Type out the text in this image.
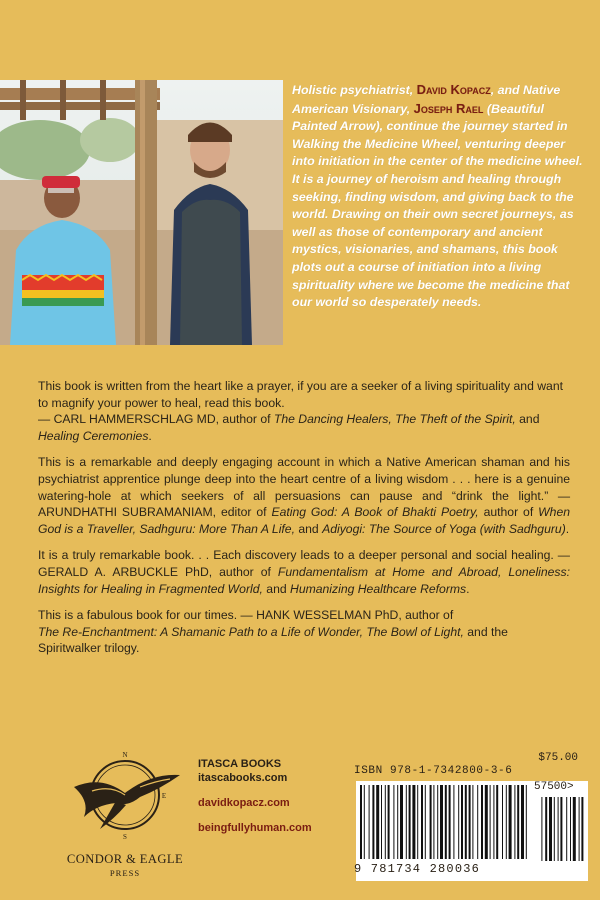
Holistic psychiatrist, David Kopacz, and Native American Visionary, Joseph Rael (Beautiful Painted Arrow), continue the journey started in Walking the Medicine Wheel, venturing deeper into initiation in the center of the medicine wheel. It is a journey of heroism and healing through seeking, finding wisdom, and giving back to the world. Drawing on their own secret journeys, as well as those of contemporary and ancient mystics, visionaries, and shamans, this book plots out a course of initiation into a living spirituality where we become the medicine that our world so desperately needs.

This book is written from the heart like a prayer, if you are a seeker of a living spirituality and want to magnify your power to heal, read this book.
— CARL HAMMERSCHLAG MD, author of The Dancing Healers, The Theft of the Spirit, and Healing Ceremonies.

This is a remarkable and deeply engaging account in which a Native American shaman and his psychiatrist apprentice plunge deep into the heart centre of a living wisdom . . . here is a genuine watering-hole at which seekers of all persuasions can pause and “drink the light.” — ARUNDHATHI SUBRAMANIAM, editor of Eating God: A Book of Bhakti Poetry, author of When God is a Traveller, Sadhguru: More Than A Life, and Adiyogi: The Source of Yoga (with Sadhguru).

It is a truly remarkable book. . . Each discovery leads to a deeper personal and social healing. — GERALD A. ARBUCKLE PhD, author of Fundamentalism at Home and Abroad, Loneliness: Insights for Healing in Fragmented World, and Humanizing Healthcare Reforms.

This is a fabulous book for our times. — HANK WESSELMAN PhD, author of
The Re-Enchantment: A Shamanic Path to a Life of Wonder, The Bowl of Light, and the Spiritwalker trilogy.

N
E
S
W
CONDOR & EAGLE
PRESS
ITASCA BOOKS
itascabooks.com
davidkopacz.com
beingfullyhuman.com
$75.00
ISBN 978-1-7342800-3-6
57500>
9 781734 280036
